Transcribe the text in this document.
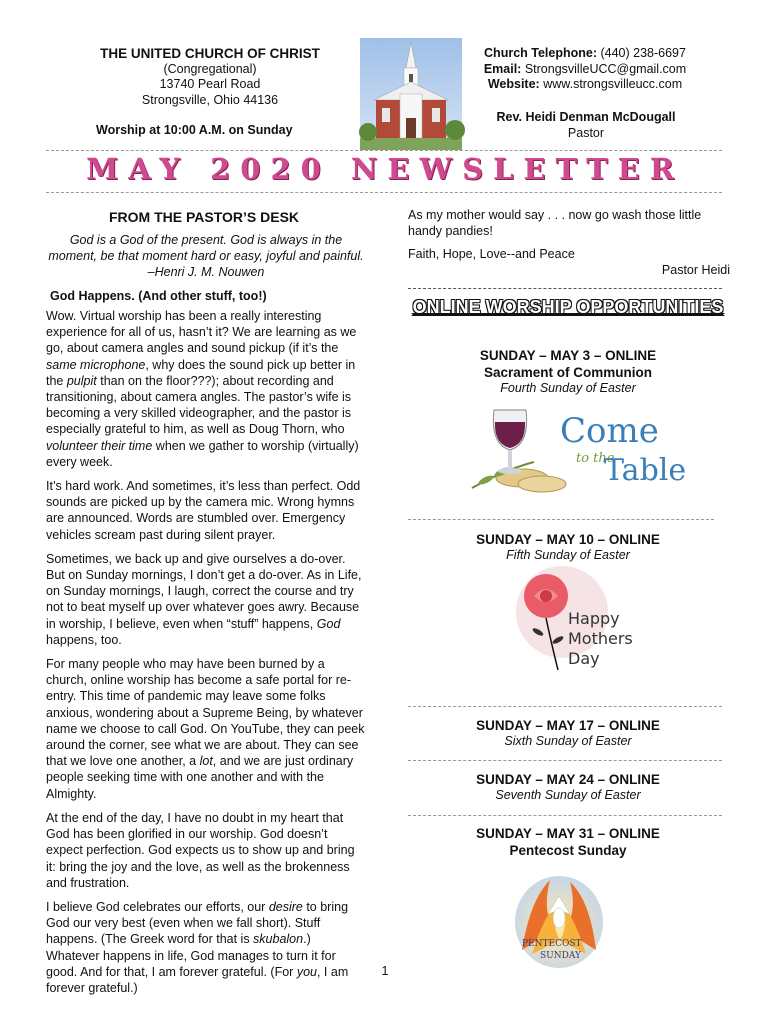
THE UNITED CHURCH OF CHRIST
(Congregational)
13740 Pearl Road
Strongsville, Ohio 44136
Worship at 10:00 A.M. on Sunday
Church Telephone: (440) 238-6697
Email: StrongsvilleUCC@gmail.com
Website: www.strongsvilleucc.com
Rev. Heidi Denman McDougall
Pastor
MAY 2020 NEWSLETTER
FROM THE PASTOR’S DESK
God is a God of the present. God is always in the moment, be that moment hard or easy, joyful and painful.
–Henri J. M. Nouwen
God Happens. (And other stuff, too!)

Wow. Virtual worship has been a really interesting experience for all of us, hasn’t it? We are learning as we go, about camera angles and sound pickup (if it’s the same microphone, why does the sound pick up better in the pulpit than on the floor???); about recording and transitioning, about camera angles. The pastor’s wife is becoming a very skilled videographer, and the pastor is especially grateful to him, as well as Doug Thorn, who volunteer their time when we gather to worship (virtually) every week.

It’s hard work. And sometimes, it’s less than perfect. Odd sounds are picked up by the camera mic. Wrong hymns are announced. Words are stumbled over. Emergency vehicles scream past during silent prayer.

Sometimes, we back up and give ourselves a do-over. But on Sunday mornings, I don’t get a do-over. As in Life, on Sunday mornings, I laugh, correct the course and try not to beat myself up over whatever goes awry. Because in worship, I believe, even when “stuff” happens, God happens, too.

For many people who may have been burned by a church, online worship has become a safe portal for re-entry. This time of pandemic may leave some folks anxious, wondering about a Supreme Being, by whatever name we choose to call God. On YouTube, they can peek around the corner, see what we are about. They can see that we love one another, a lot, and we are just ordinary people seeking time with one another and with the Almighty.

At the end of the day, I have no doubt in my heart that God has been glorified in our worship. God doesn’t expect perfection. God expects us to show up and bring it: bring the joy and the love, as well as the brokenness and frustration.

I believe God celebrates our efforts, our desire to bring God our very best (even when we fall short). Stuff happens. (The Greek word for that is skubalon.) Whatever happens in life, God manages to turn it for good. And for that, I am forever grateful. (For you, I am forever grateful.)

As my mother would say . . . now go wash those little handy pandies!
Faith, Hope, Love--and Peace
Pastor Heidi
ONLINE WORSHIP OPPORTUNITIES
SUNDAY – MAY 3 – ONLINE
Sacrament of Communion
Fourth Sunday of Easter
Come
to the
Table
SUNDAY – MAY 10 – ONLINE
Fifth Sunday of Easter
Happy
Mothers
Day
SUNDAY – MAY 17 – ONLINE
Sixth Sunday of Easter
SUNDAY – MAY 24 – ONLINE
Seventh Sunday of Easter
SUNDAY – MAY 31 – ONLINE
Pentecost Sunday
PENTECOST
SUNDAY
1
